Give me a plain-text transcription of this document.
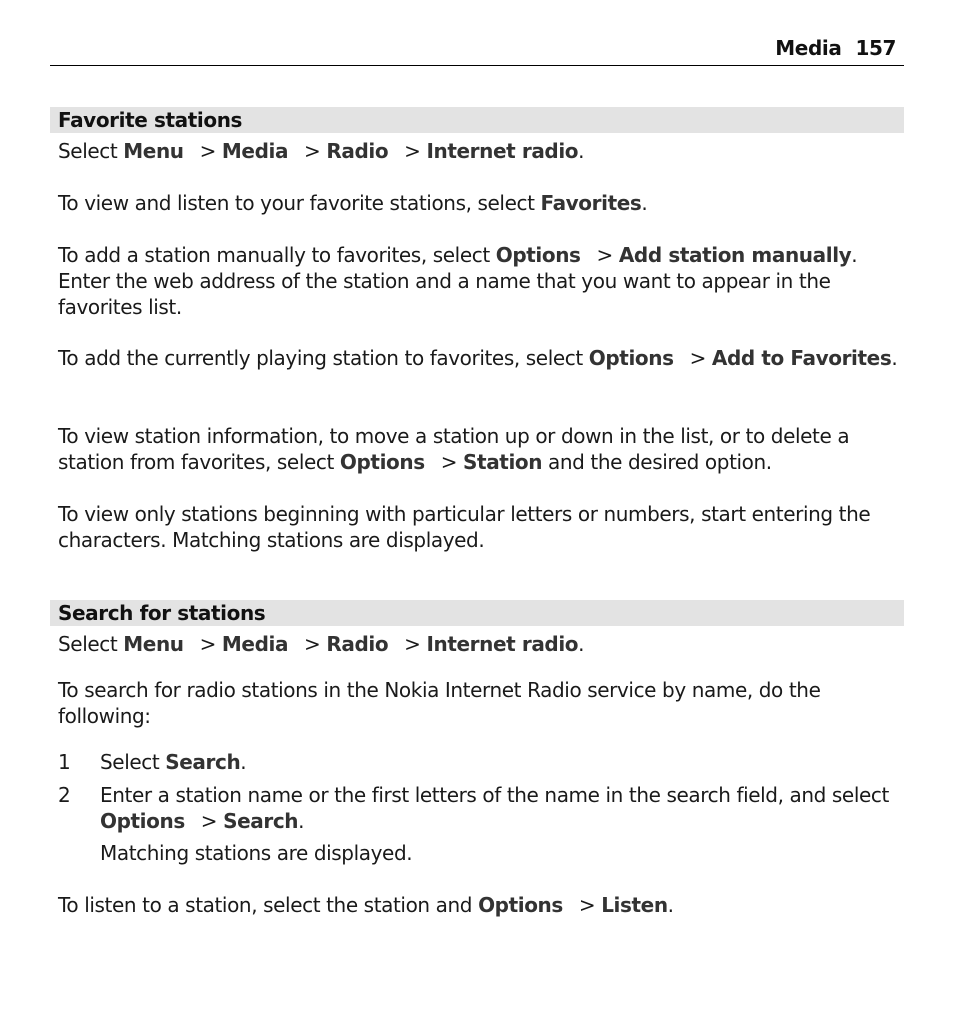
Media 157
Favorite stations

Select Menu > Media > Radio > Internet radio.

To view and listen to your favorite stations, select Favorites.

To add a station manually to favorites, select Options > Add station manually. Enter the web address of the station and a name that you want to appear in the favorites list.

To add the currently playing station to favorites, select Options > Add to Favorites.

To view station information, to move a station up or down in the list, or to delete a station from favorites, select Options > Station and the desired option.

To view only stations beginning with particular letters or numbers, start entering the characters. Matching stations are displayed.

Search for stations

Select Menu > Media > Radio > Internet radio.

To search for radio stations in the Nokia Internet Radio service by name, do the following:

1 Select Search.

2 Enter a station name or the first letters of the name in the search field, and select Options > Search.

Matching stations are displayed.

To listen to a station, select the station and Options > Listen.
